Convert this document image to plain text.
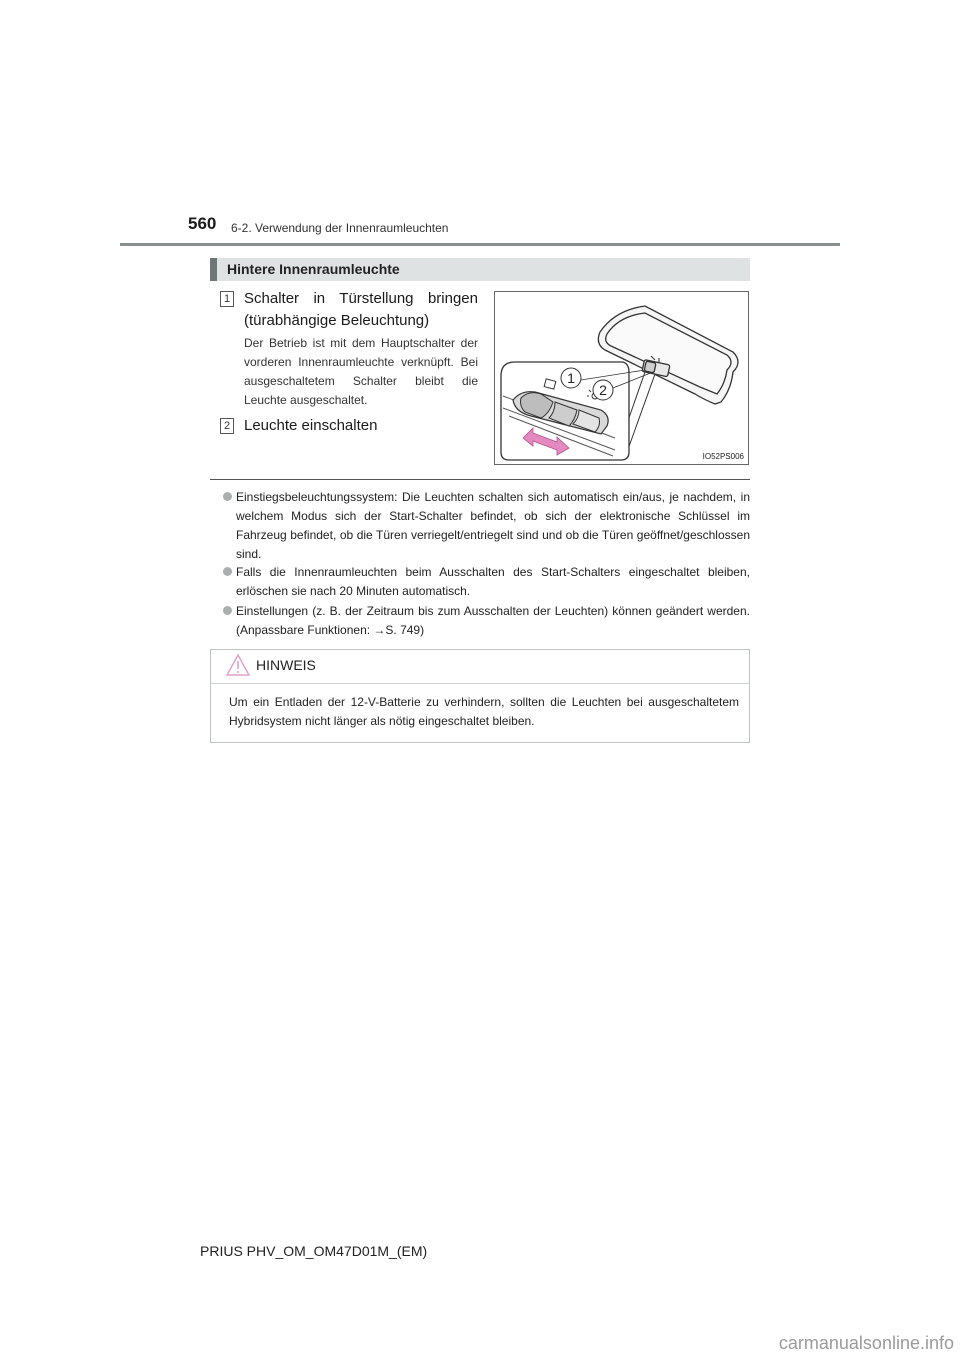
560 6-2. Verwendung der Innenraumleuchten
Hintere Innenraumleuchte
1 Schalter in Türstellung bringen (türabhängige Beleuchtung)
Der Betrieb ist mit dem Hauptschalter der vorderen Innenraumleuchte verknüpft. Bei ausgeschaltetem Schalter bleibt die Leuchte ausgeschaltet.
2 Leuchte einschalten
1
2
IO52PS006
Einstiegsbeleuchtungssystem: Die Leuchten schalten sich automatisch ein/aus, je nachdem, in welchem Modus sich der Start-Schalter befindet, ob sich der elektronische Schlüssel im Fahrzeug befindet, ob die Türen verriegelt/entriegelt sind und ob die Türen geöffnet/geschlossen sind.
Falls die Innenraumleuchten beim Ausschalten des Start-Schalters eingeschaltet bleiben, erlöschen sie nach 20 Minuten automatisch.
Einstellungen (z. B. der Zeitraum bis zum Ausschalten der Leuchten) können geändert werden. (Anpassbare Funktionen: →S. 749)
HINWEIS
Um ein Entladen der 12-V-Batterie zu verhindern, sollten die Leuchten bei ausgeschaltetem Hybridsystem nicht länger als nötig eingeschaltet bleiben.
PRIUS PHV_OM_OM47D01M_(EM)
carmanualsonline.info
